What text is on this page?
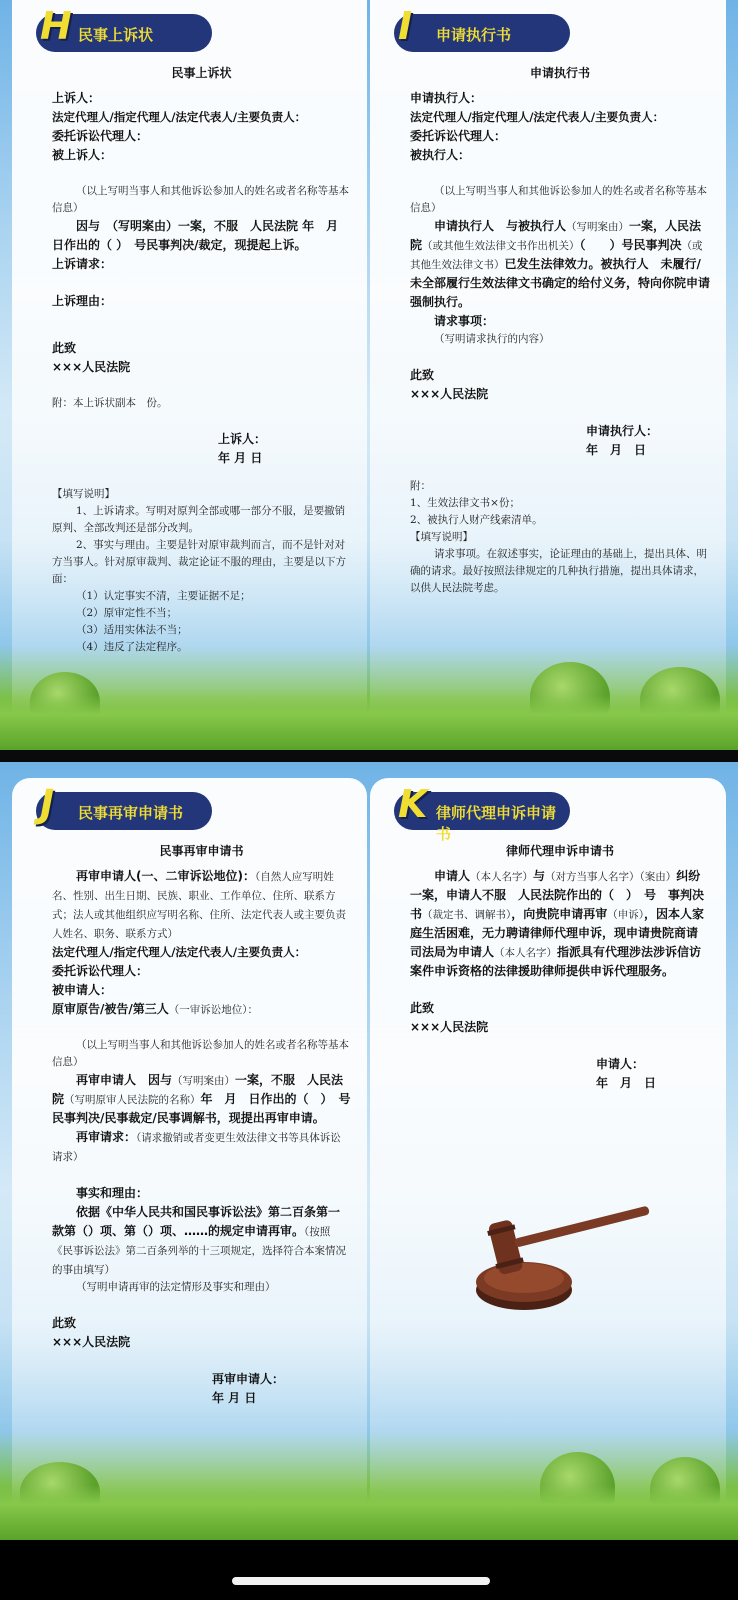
H 民事上诉状

民事上诉状

上诉人：

法定代理人/指定代理人/法定代表人/主要负责人：

委托诉讼代理人：

被上诉人：

（以上写明当事人和其他诉讼参加人的姓名或者名称等基本信息）

因与　（写明案由）一案，不服　人民法院 年　月 日作出的（ ）　号民事判决/裁定，现提起上诉。

上诉请求：

上诉理由：

此致

×××人民法院

附：本上诉状副本　份。

上诉人：

年 月 日

【填写说明】

1、上诉请求。写明对原判全部或哪一部分不服，是要撤销原判、全部改判还是部分改判。

2、事实与理由。主要是针对原审裁判而言，而不是针对对方当事人。针对原审裁判、裁定论证不服的理由，主要是以下方面：

（1）认定事实不清，主要证据不足；

（2）原审定性不当；

（3）适用实体法不当；

（4）违反了法定程序。

I 申请执行书

申请执行书

申请执行人：

法定代理人/指定代理人/法定代表人/主要负责人：

委托诉讼代理人：

被执行人：

（以上写明当事人和其他诉讼参加人的姓名或者名称等基本信息）

申请执行人　与被执行人（写明案由）一案，人民法院（或其他生效法律文书作出机关）（　　）号民事判决（或其他生效法律文书）已发生法律效力。被执行人　未履行/未全部履行生效法律文书确定的给付义务，特向你院申请强制执行。

请求事项：

（写明请求执行的内容）

此致

×××人民法院

申请执行人：

年　月　日

附：

1、生效法律文书×份；

2、被执行人财产线索清单。

【填写说明】

请求事项。在叙述事实，论证理由的基础上，提出具体、明确的请求。最好按照法律规定的几种执行措施，提出具体请求，以供人民法院考虑。

J 民事再审申请书

民事再审申请书

再审申请人(一、二审诉讼地位)：（自然人应写明姓名、性别、出生日期、民族、职业、工作单位、住所、联系方式；法人或其他组织应写明名称、住所、法定代表人或主要负责人姓名、职务、联系方式）

法定代理人/指定代理人/法定代表人/主要负责人：

委托诉讼代理人：

被申请人：

原审原告/被告/第三人（一审诉讼地位）：

（以上写明当事人和其他诉讼参加人的姓名或者名称等基本信息）

再审申请人　因与（写明案由）一案，不服　人民法院（写明原审人民法院的名称）年　月　日作出的（　）　号民事判决/民事裁定/民事调解书，现提出再审申请。

再审请求：（请求撤销或者变更生效法律文书等具体诉讼请求）

事实和理由：

依据《中华人民共和国民事诉讼法》第二百条第一款第（）项、第（）项、……的规定申请再审。（按照《民事诉讼法》第二百条列举的十三项规定，选择符合本案情况的事由填写）

（写明申请再审的法定情形及事实和理由）

此致

×××人民法院

再审申请人：

年 月 日

K 律师代理申诉申请书

律师代理申诉申请书

申请人（本人名字）与（对方当事人名字）（案由）纠纷一案，申请人不服　人民法院作出的（　）　号　事判决书（裁定书、调解书），向贵院申请再审（申诉），因本人家庭生活困难，无力聘请律师代理申诉，现申请贵院商请　司法局为申请人（本人名字）指派具有代理涉法涉诉信访案件申诉资格的法律援助律师提供申诉代理服务。

此致

×××人民法院

申请人：

年　月　日
